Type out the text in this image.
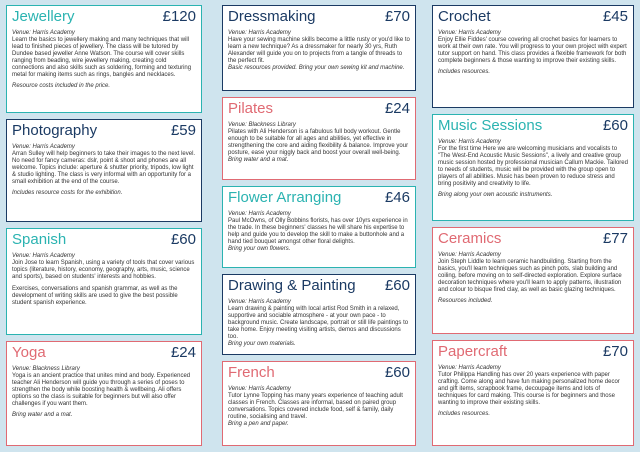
Jewellery	£120
Venue: Harris Academy
Learn the basics to jewellery making and many techniques that will lead to finished pieces of jewellery. The class will be tutored by Dundee based jeweller Anne Watson. The course will cover skills ranging from beading, wire jewellery making, creating cold connections and also skills such as soldering, forming and texturing metal for making items such as rings, bangles and necklaces.
Resource costs included in the price.
Photography	£59
Venue: Harris Academy
Arran Sulley will help beginners to take their images to the next level. No need for fancy cameras: dslr, point & shoot and phones are all welcome. Topics include: aperture & shutter priority, tripods, low light & studio lighting. The class is very informal with an opportunity for a small exhibition at the end of the course.
Includes resource costs for the exhibition.
Spanish	£60
Venue: Harris Academy
Join Jose to learn Spanish, using a variety of tools that cover various topics (literature, history, economy, geography, arts, music, science and sports), based on students' interests and hobbies.
Exercises, conversations and spanish grammar, as well as the development of writing skills are used to give the best possible student spanish experience.
Yoga	£24
Venue: Blackness Library
Yoga is an ancient practice that unites mind and body. Experienced teacher Ali Henderson will guide you through a series of poses to strengthen the body while boosting health & wellbeing. Ali offers options so the class is suitable for beginners but will also offer challenges if you want them.
Bring water and a mat.
Dressmaking	£70
Venue: Harris Academy
Have your sewing machine skills become a little rusty or you'd like to learn a new technique? As a dressmaker for nearly 30 yrs, Ruth Alexander will guide you on to projects from a tangle of threads to the perfect fit.
Basic resources provided. Bring your own sewing kit and machine.
Pilates	£24
Venue: Blackness Library
Pilates with Ali Henderson is a fabulous full body workout. Gentle enough to be suitable for all ages and abilities, yet effective in strengthening the core and aiding flexibility & balance. Improve your posture, ease your niggly back and boost your overall well-being.
Bring water and a mat.
Flower Arranging	£46
Venue: Harris Academy
Paul McOwns, of Olly Bobbins florists, has over 10yrs experience in the trade. In these beginners' classes he will share his expertise to help and guide you to develop the skill to make a buttonhole and a hand tied bouquet amongst other floral delights.
Bring your own flowers.
Drawing & Painting £60
Venue: Harris Academy
Learn drawing & painting with local artist Rod Smith in a relaxed, supportive and sociable atmosphere - at your own pace - to background music. Create landscape, portrait or still life paintings to take home. Enjoy meeting visiting artists, demos and discussions too.
Bring your own materials.
French	£60
Venue: Harris Academy
Tutor Lynne Topping has many years experience of teaching adult classes in French. Classes are informal, based on paired group conversations. Topics covered include food, self & family, daily routine, socialising and travel.
Bring a pen and paper.
Crochet	£45
Venue: Harris Academy
Enjoy Ellie Fiddes' course covering all crochet basics for learners to work at their own rate. You will progress to your own project with expert tutor support on hand. This class provides a flexible framework for both complete beginners & those wanting to improve their existing skills.
Includes resources.
Music Sessions	£60
Venue: Harris Academy
For the first time Here we are welcoming musicians and vocalists to "The West-End Acoustic Music Sessions", a lively and creative group music session hosted by professional musician Callum Mackie. Tailored to needs of students, music will be provided with the group open to players of all abilities. Music has been proven to reduce stress and bring positivity and creativity to life.
Bring along your own acoustic instruments.
Ceramics	£77
Venue: Harris Academy
Join Steph Liddle to learn ceramic handbuilding. Starting from the basics, you'll learn techniques such as pinch pots, slab building and coiling, before moving on to self-directed exploration. Explore surface decoration techniques where you'll learn to apply patterns, illustration and colour to bisque fired clay, as well as basic glazing techniques.
Resources included.
Papercraft	£70
Venue: Harris Academy
Tutor Philippa Handling has over 20 years experience with paper crafting. Come along and have fun making personalized home decor and gift items, scrapbook frame, decoupage items and lots of techniques for card making. This course is for beginners and those wanting to improve their existing skills.
Includes resources.
